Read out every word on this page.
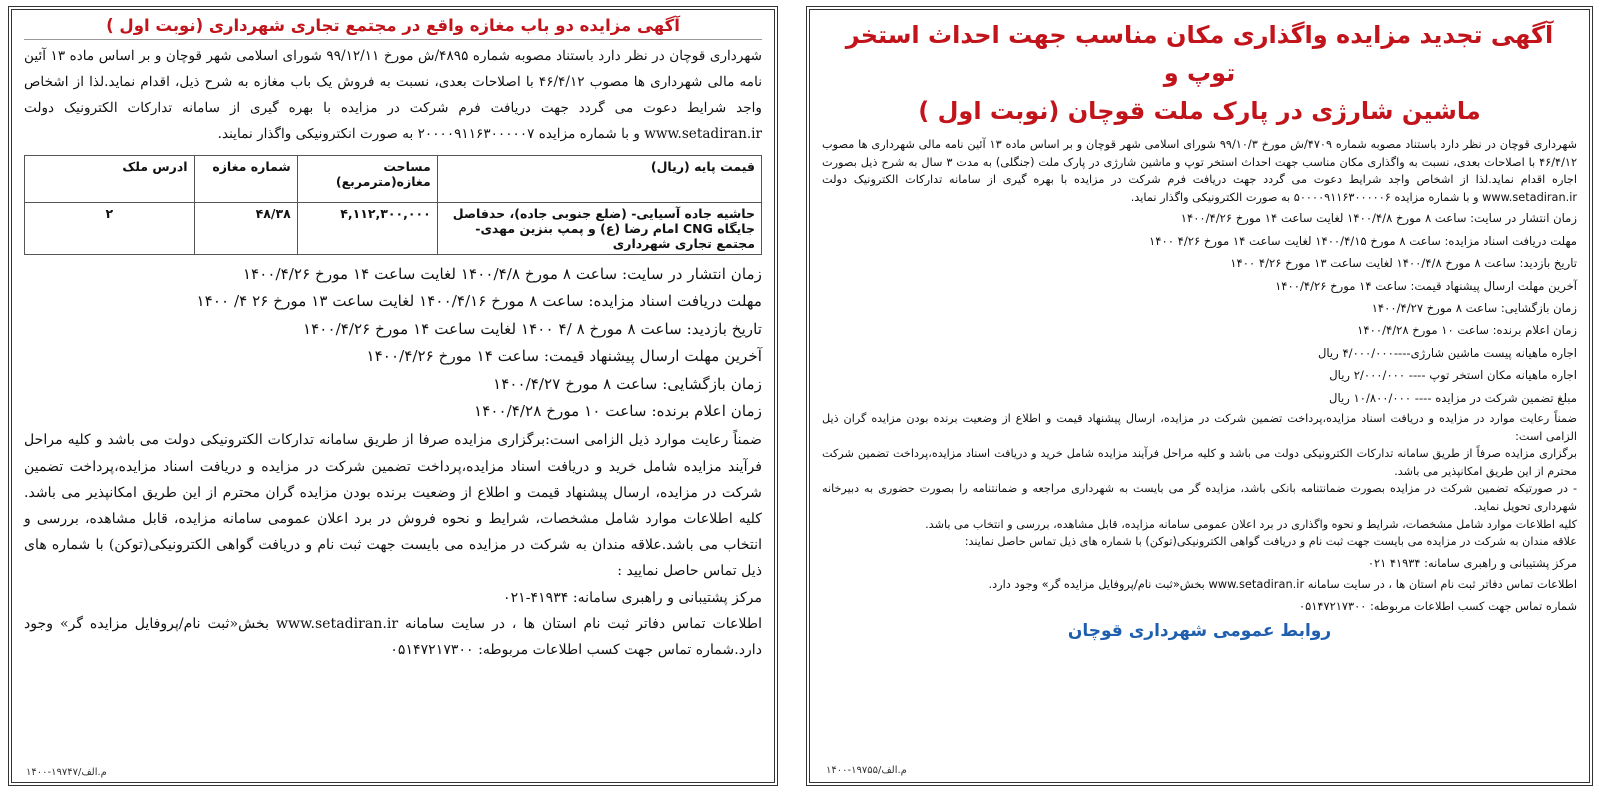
آگهی مزایده دو باب مغازه واقع در مجتمع تجاری شهرداری (نوبت اول )

شهرداری قوچان در نظر دارد باستناد مصوبه شماره ۴۸۹۵/ش مورخ ۹۹/۱۲/۱۱ شورای اسلامی شهر قوچان و بر اساس ماده ۱۳ آئین نامه مالی شهرداری ها مصوب ۴۶/۴/۱۲ با اصلاحات بعدی، نسبت به فروش یک باب مغازه به شرح ذیل، اقدام نماید.لذا از اشخاص واجد شرایط دعوت می گردد جهت دریافت فرم شرکت در مزایده با بهره گیری از سامانه تدارکات الکترونیک دولت www.setadiran.ir و با شماره مزایده ۲۰۰۰۰۹۱۱۶۳۰۰۰۰۰۷ به صورت انکترونیکی واگذار نمایند.

قیمت پایه (ریال)	مساحت مغازه(مترمربع)	شماره مغازه	ادرس ملک
حاشیه جاده آسیایی- (ضلع جنوبی جاده)، حدفاصل جایگاه CNG امام رضا (ع) و پمپ بنزین مهدی- مجتمع تجاری شهرداری	۴,۱۱۲,۳۰۰,۰۰۰	۴۸/۳۸	۲
زمان انتشار در سایت: ساعت ۸ مورخ ۱۴۰۰/۴/۸ لغایت ساعت ۱۴ مورخ ۱۴۰۰/۴/۲۶
مهلت دریافت اسناد مزایده: ساعت ۸ مورخ ۱۴۰۰/۴/۱۶ لغایت ساعت ۱۳ مورخ ۲۶ ۴/ ۱۴۰۰
تاریخ بازدید: ساعت ۸ مورخ ۸ /۴ ۱۴۰۰ لغایت ساعت ۱۴ مورخ ۱۴۰۰/۴/۲۶
آخرین مهلت ارسال پیشنهاد قیمت: ساعت ۱۴ مورخ ۱۴۰۰/۴/۲۶
زمان بازگشایی: ساعت ۸ مورخ ۱۴۰۰/۴/۲۷
زمان اعلام برنده: ساعت ۱۰ مورخ ۱۴۰۰/۴/۲۸

ضمناً رعایت موارد ذیل الزامی است:برگزاری مزایده صرفا از طریق سامانه تدارکات الکترونیکی دولت می باشد و کلیه مراحل فرآیند مزایده شامل خرید و دریافت اسناد مزایده،پرداخت تضمین شرکت در مزایده و دریافت اسناد مزایده،پرداخت تضمین شرکت در مزایده، ارسال پیشنهاد قیمت و اطلاع از وضعیت برنده بودن مزایده گران محترم از این طریق امکانپذیر می باشد. کلیه اطلاعات موارد شامل مشخصات، شرایط و نحوه فروش در برد اعلان عمومی سامانه مزایده، قابل مشاهده، بررسی و انتخاب می باشد.علاقه مندان به شرکت در مزایده می بایست جهت ثبت نام و دریافت گواهی الکترونیکی(توکن) با شماره های ذیل تماس حاصل نمایید :

مرکز پشتیبانی و راهبری سامانه: ۴۱۹۳۴-۰۲۱

اطلاعات تماس دفاتر ثبت نام استان ها ، در سایت سامانه www.setadiran.ir بخش«ثبت نام/پروفایل مزایده گر» وجود دارد.شماره تماس جهت کسب اطلاعات مربوطه: ۰۵۱۴۷۲۱۷۳۰۰

۱۴۰۰-۱۹۷۴۷/م.الف
آگهی تجدید مزایده واگذاری مکان مناسب جهت احداث استخر توپ و
ماشین شارژی در پارک ملت قوچان (نوبت اول )

شهرداری قوچان در نظر دارد باستناد مصوبه شماره ۴۷۰۹/ش مورخ ۹۹/۱۰/۳ شورای اسلامی شهر قوچان و بر اساس ماده ۱۳ آئین نامه مالی شهرداری ها مصوب ۴۶/۴/۱۲ با اصلاحات بعدی، نسبت به واگذاری مکان مناسب جهت احداث استخر توپ و ماشین شارژی در پارک ملت (جنگلی) به مدت ۳ سال به شرح ذیل بصورت اجاره اقدام نماید.لذا از اشخاص واجد شرایط دعوت می گردد جهت دریافت فرم شرکت در مزایده با بهره گیری از سامانه تدارکات الکترونیک دولت www.setadiran.ir و با شماره مزایده ۵۰۰۰۰۹۱۱۶۳۰۰۰۰۰۶ به صورت الکترونیکی واگذار نماید.

زمان انتشار در سایت: ساعت ۸ مورخ ۱۴۰۰/۴/۸ لغایت ساعت ۱۴ مورخ ۱۴۰۰/۴/۲۶
مهلت دریافت اسناد مزایده: ساعت ۸ مورخ ۱۴۰۰/۴/۱۵ لغایت ساعت ۱۴ مورخ ۴/۲۶ ۱۴۰۰
تاریخ بازدید: ساعت ۸ مورخ ۱۴۰۰/۴/۸ لغایت ساعت ۱۳ مورخ ۴/۲۶ ۱۴۰۰
آخرین مهلت ارسال پیشنهاد قیمت: ساعت ۱۴ مورخ ۱۴۰۰/۴/۲۶
زمان بازگشایی: ساعت ۸ مورخ ۱۴۰۰/۴/۲۷
زمان اعلام برنده: ساعت ۱۰ مورخ ۱۴۰۰/۴/۲۸
اجاره ماهیانه پیست ماشین شارژی----۴/۰۰۰/۰۰۰ ریال
اجاره ماهیانه مکان استخر توپ ---- ۲/۰۰۰/۰۰۰ ریال
مبلغ تضمین شرکت در مزایده ---- ۱۰/۸۰۰/۰۰۰ ریال

ضمناً رعایت موارد در مزایده و دریافت اسناد مزایده،پرداخت تضمین شرکت در مزایده، ارسال پیشنهاد قیمت و اطلاع از وضعیت برنده بودن مزایده گران ذیل الزامی است:

برگزاری مزایده صرفاً از طریق سامانه تدارکات الکترونیکی دولت می باشد و کلیه مراحل فرآیند مزایده شامل خرید و دریافت اسناد مزایده،پرداخت تضمین شرکت محترم از این طریق امکانپذیر می باشد.

- در صورتیکه تضمین شرکت در مزایده بصورت ضمانتنامه بانکی باشد، مزایده گر می بایست به شهرداری مراجعه و ضمانتنامه را بصورت حضوری به دبیرخانه شهرداری تحویل نماید.

کلیه اطلاعات موارد شامل مشخصات، شرایط و نحوه واگذاری در برد اعلان عمومی سامانه مزایده، قابل مشاهده، بررسی و انتخاب می باشد.

علاقه مندان به شرکت در مزایده می بایست جهت ثبت نام و دریافت گواهی الکترونیکی(توکن) با شماره های ذیل تماس حاصل نمایند:

مرکز پشتیبانی و راهبری سامانه: ۴۱۹۳۴ ۰۲۱
اطلاعات تماس دفاتر ثبت نام استان ها ، در سایت سامانه www.setadiran.ir بخش«ثبت نام/پروفایل مزایده گر» وجود دارد.
شماره تماس جهت کسب اطلاعات مربوطه: ۰۵۱۴۷۲۱۷۳۰۰
روابط عمومی شهرداری قوچان
۱۴۰۰-۱۹۷۵۵/م.الف
